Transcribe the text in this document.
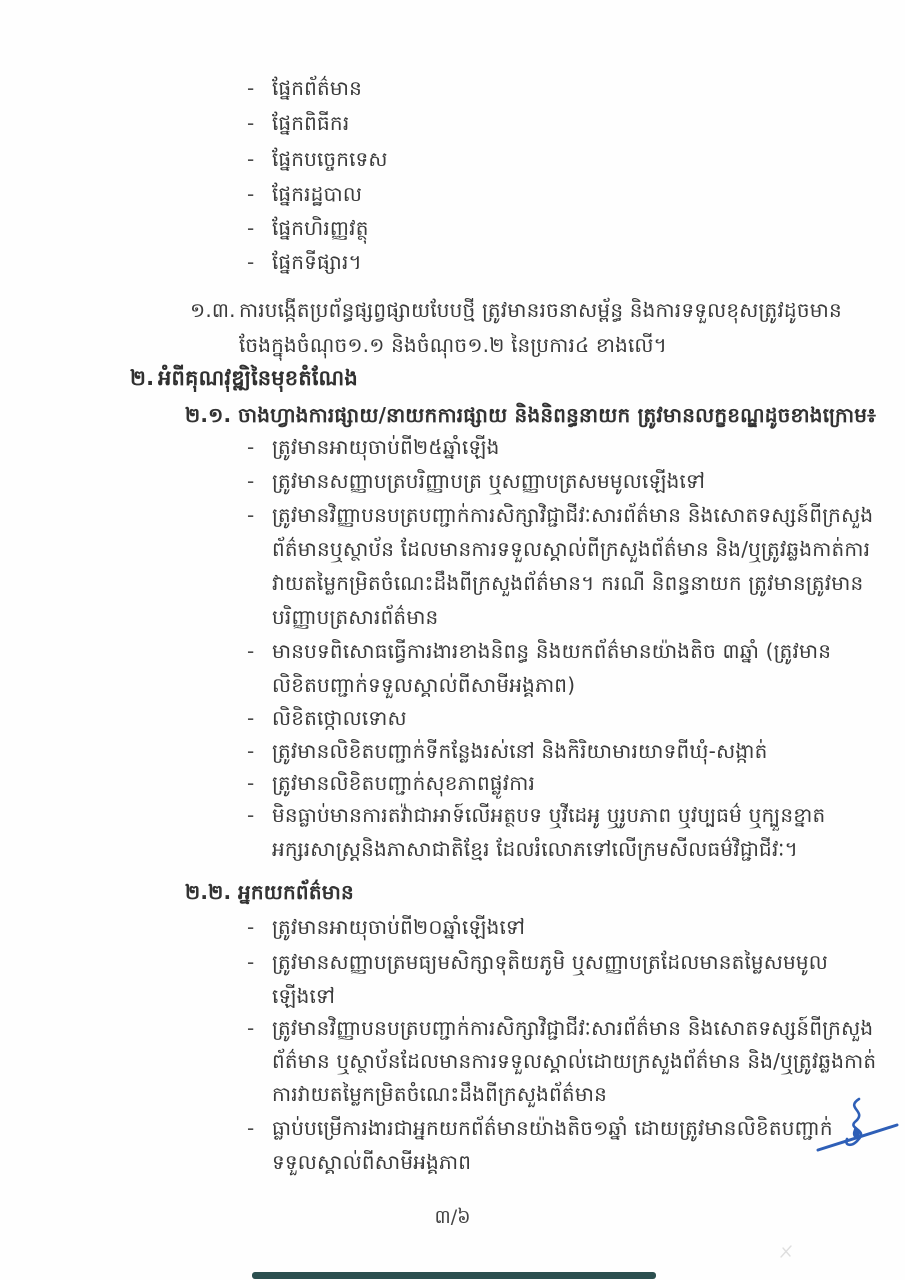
- ផ្នែកព័ត៌មាន
- ផ្នែកពិធីករ
- ផ្នែកបច្ចេកទេស
- ផ្នែករដ្ឋបាល
- ផ្នែកហិរញ្ញវត្ថុ
- ផ្នែកទីផ្សារ។
១.៣. ការបង្កើតប្រព័ន្ធផ្សព្វផ្សាយបែបថ្មី ត្រូវមានរចនាសម្ព័ន្ធ និងការទទួលខុសត្រូវដូចមាន
ចែងក្នុងចំណុច១.១ និងចំណុច១.២ នៃប្រការ៤ ខាងលើ។
២. អំពីគុណវុឌ្ឍិនៃមុខតំណែង
២.១. ចាងហ្វាងការផ្សាយ/នាយកការផ្សាយ និងនិពន្ធនាយក ត្រូវមានលក្ខខណ្ឌដូចខាងក្រោម៖
- ត្រូវមានអាយុចាប់ពី២៥ឆ្នាំឡើង
- ត្រូវមានសញ្ញាបត្របរិញ្ញាបត្រ ឬសញ្ញាបត្រសមមូលឡើងទៅ
- ត្រូវមានវិញ្ញាបនបត្របញ្ជាក់ការសិក្សាវិជ្ជាជីវៈសារព័ត៌មាន និងសោតទស្សន៍ពីក្រសួង
ព័ត៌មានឬស្ថាប័ន ដែលមានការទទួលស្គាល់ពីក្រសួងព័ត៌មាន និង/ឬត្រូវឆ្លងកាត់ការ
វាយតម្លៃកម្រិតចំណេះដឹងពីក្រសួងព័ត៌មាន។ ករណី និពន្ធនាយក ត្រូវមានត្រូវមាន
បរិញ្ញាបត្រសារព័ត៌មាន
- មានបទពិសោធធ្វើការងារខាងនិពន្ធ និងយកព័ត៌មានយ៉ាងតិច ៣ឆ្នាំ (ត្រូវមាន
លិខិតបញ្ជាក់ទទួលស្គាល់ពីសាមីអង្គភាព)
- លិខិតថ្កោលទោស
- ត្រូវមានលិខិតបញ្ជាក់ទីកន្លែងរស់នៅ និងកិរិយាមារយាទពីឃុំ-សង្កាត់
- ត្រូវមានលិខិតបញ្ជាក់សុខភាពផ្លូវការ
- មិនធ្លាប់មានការតវ៉ាជាអាទ៍លើអត្ថបទ ឬវីដេអូ ឬរូបភាព ឬវប្បធម៌ ឬក្បួនខ្នាត
អក្សរសាស្ត្រនិងភាសាជាតិខ្មែរ ដែលរំលោភទៅលើក្រមសីលធម៌វិជ្ជាជីវៈ។
២.២. អ្នកយកព័ត៌មាន
- ត្រូវមានអាយុចាប់ពី២០ឆ្នាំឡើងទៅ
- ត្រូវមានសញ្ញាបត្រមធ្យមសិក្សាទុតិយភូមិ ឬសញ្ញាបត្រដែលមានតម្លៃសមមូល
ឡើងទៅ
- ត្រូវមានវិញ្ញាបនបត្របញ្ជាក់ការសិក្សាវិជ្ជាជីវៈសារព័ត៌មាន និងសោតទស្សន៍ពីក្រសួង
ព័ត៌មាន ឬស្ថាប័នដែលមានការទទួលស្គាល់ដោយក្រសួងព័ត៌មាន និង/ឬត្រូវឆ្លងកាត់
ការវាយតម្លៃកម្រិតចំណេះដឹងពីក្រសួងព័ត៌មាន
- ធ្លាប់បម្រើការងារជាអ្នកយកព័ត៌មានយ៉ាងតិច១ឆ្នាំ ដោយត្រូវមានលិខិតបញ្ជាក់
ទទួលស្គាល់ពីសាមីអង្គភាព
៣/៦
